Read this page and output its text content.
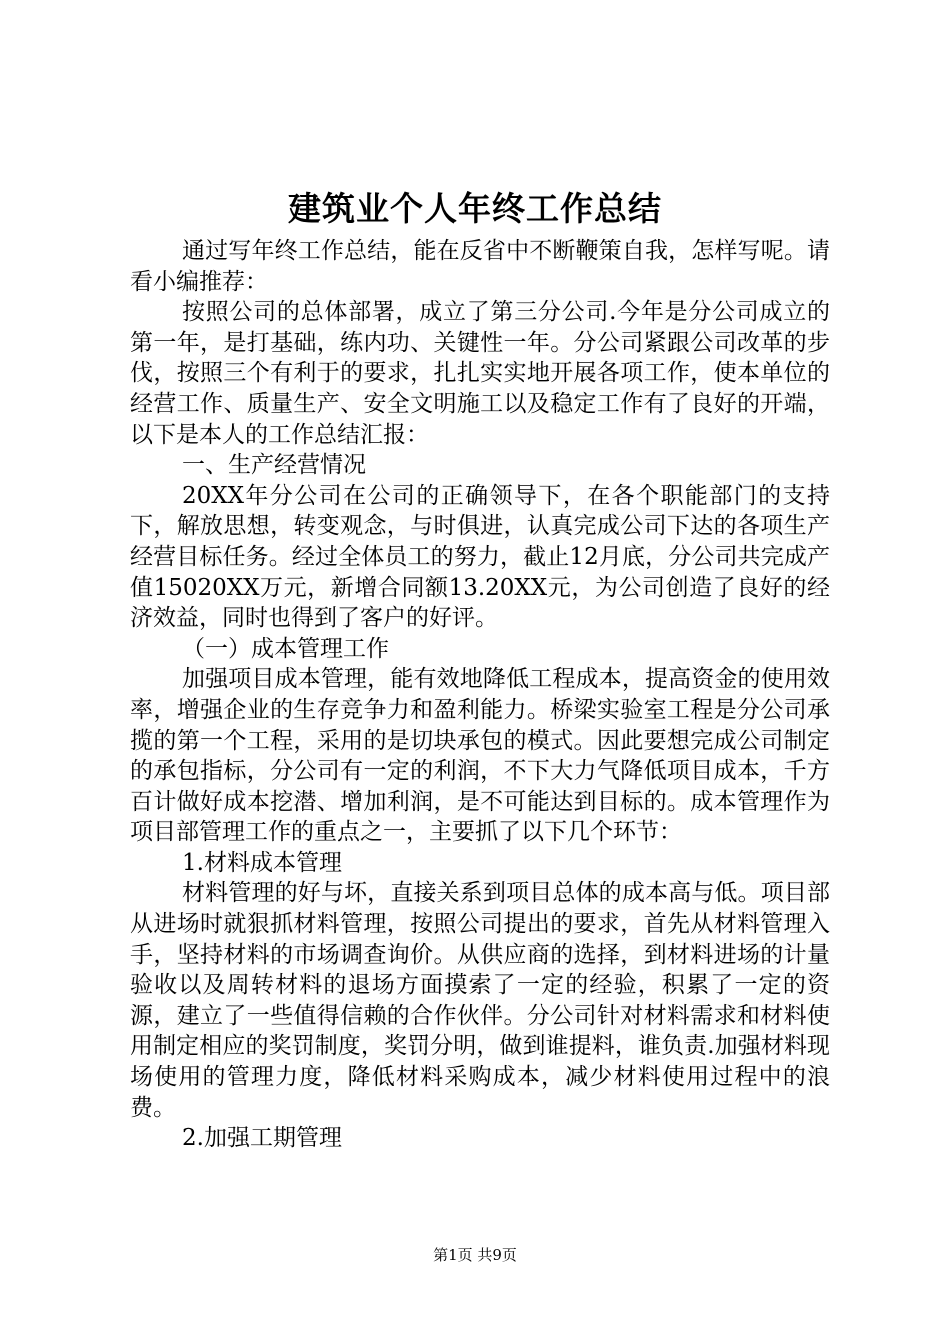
建筑业个人年终工作总结

通过写年终工作总结，能在反省中不断鞭策自我，怎样写呢。请看小编推荐：

按照公司的总体部署，成立了第三分公司.今年是分公司成立的第一年，是打基础，练内功、关键性一年。分公司紧跟公司改革的步伐，按照三个有利于的要求，扎扎实实地开展各项工作，使本单位的经营工作、质量生产、安全文明施工以及稳定工作有了良好的开端，以下是本人的工作总结汇报：

一、生产经营情况

20XX年分公司在公司的正确领导下，在各个职能部门的支持下，解放思想，转变观念，与时俱进，认真完成公司下达的各项生产经营目标任务。经过全体员工的努力，截止12月底，分公司共完成产值15020XX万元，新增合同额13.20XX元，为公司创造了良好的经济效益，同时也得到了客户的好评。

（一）成本管理工作

加强项目成本管理，能有效地降低工程成本，提高资金的使用效率，增强企业的生存竞争力和盈利能力。桥梁实验室工程是分公司承揽的第一个工程，采用的是切块承包的模式。因此要想完成公司制定的承包指标，分公司有一定的利润，不下大力气降低项目成本，千方百计做好成本挖潜、增加利润，是不可能达到目标的。成本管理作为项目部管理工作的重点之一，主要抓了以下几个环节：

1.材料成本管理

材料管理的好与坏，直接关系到项目总体的成本高与低。项目部从进场时就狠抓材料管理，按照公司提出的要求，首先从材料管理入手，坚持材料的市场调查询价。从供应商的选择，到材料进场的计量验收以及周转材料的退场方面摸索了一定的经验，积累了一定的资源，建立了一些值得信赖的合作伙伴。分公司针对材料需求和材料使用制定相应的奖罚制度，奖罚分明，做到谁提料，谁负责.加强材料现场使用的管理力度，降低材料采购成本，减少材料使用过程中的浪费。

2.加强工期管理

第1页 共9页
